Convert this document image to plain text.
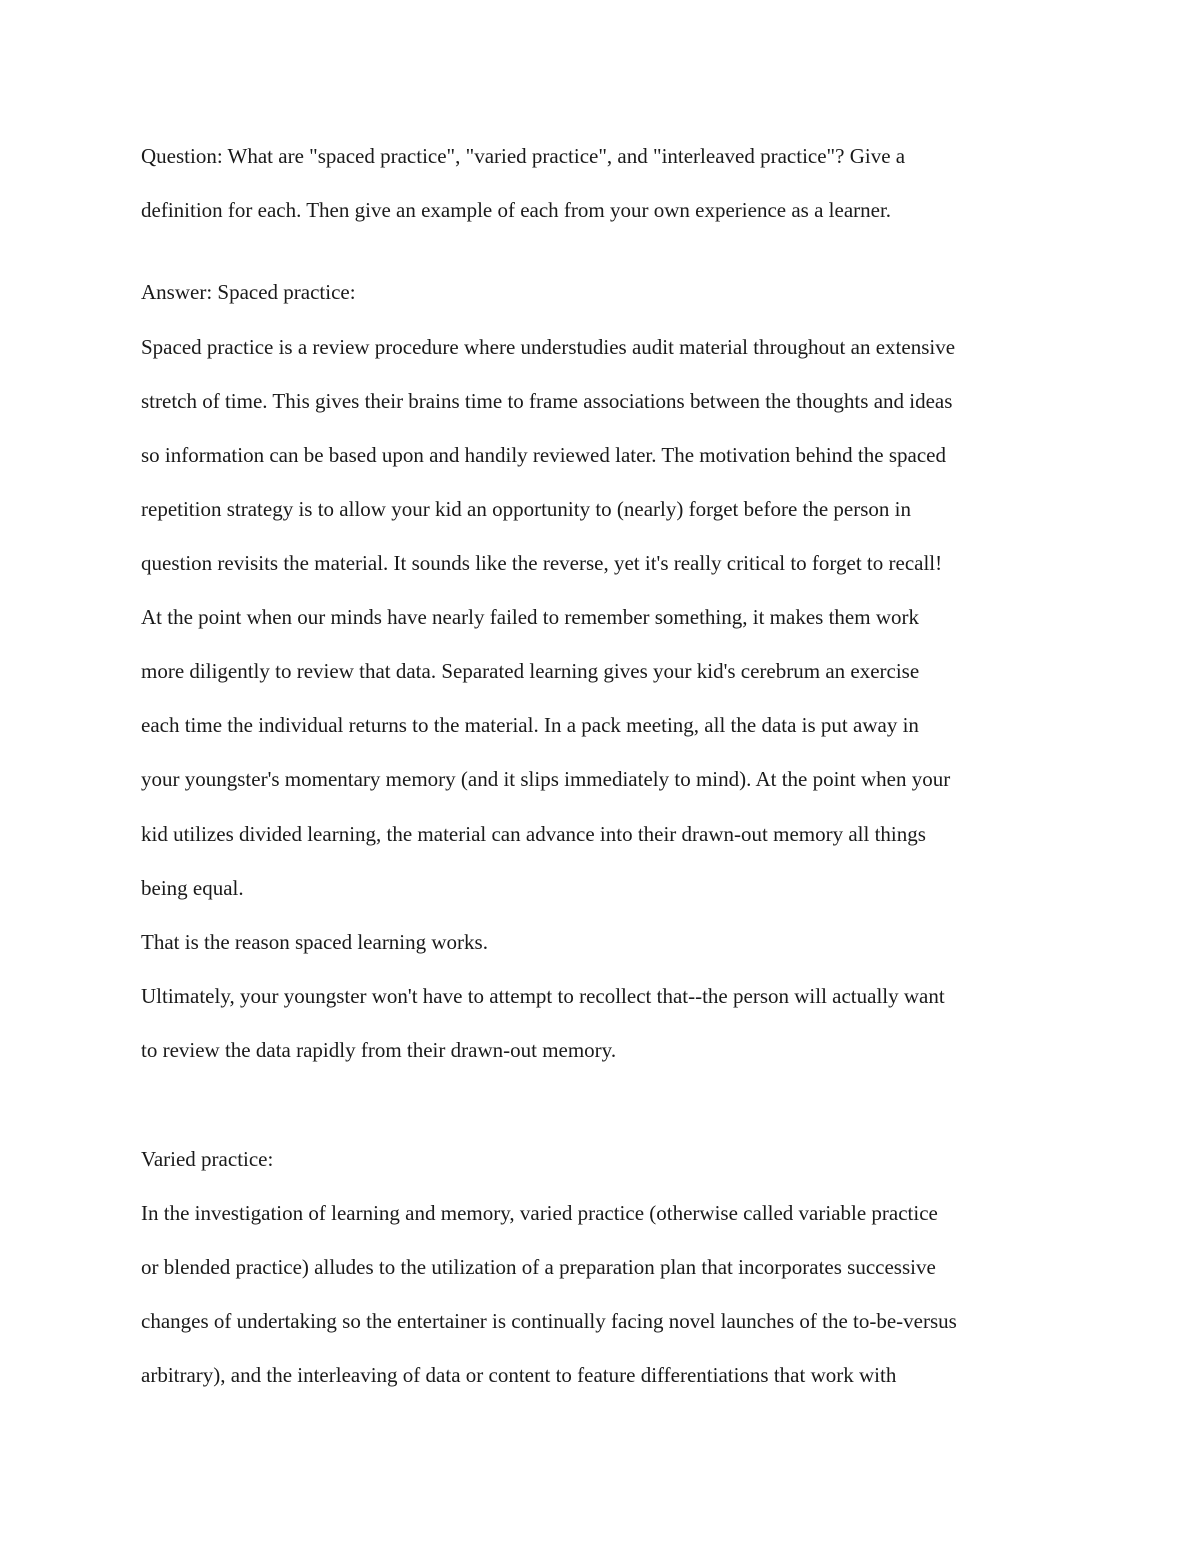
Question: What are "spaced practice", "varied practice", and "interleaved practice"? Give a

definition for each. Then give an example of each from your own experience as a learner.

Answer: Spaced practice:

Spaced practice is a review procedure where understudies audit material throughout an extensive

stretch of time. This gives their brains time to frame associations between the thoughts and ideas

so information can be based upon and handily reviewed later. The motivation behind the spaced

repetition strategy is to allow your kid an opportunity to (nearly) forget before the person in

question revisits the material. It sounds like the reverse, yet it's really critical to forget to recall!

At the point when our minds have nearly failed to remember something, it makes them work

more diligently to review that data. Separated learning gives your kid's cerebrum an exercise

each time the individual returns to the material. In a pack meeting, all the data is put away in

your youngster's momentary memory (and it slips immediately to mind). At the point when your

kid utilizes divided learning, the material can advance into their drawn-out memory all things

being equal.

That is the reason spaced learning works.

Ultimately, your youngster won't have to attempt to recollect that--the person will actually want

to review the data rapidly from their drawn-out memory.

Varied practice:

In the investigation of learning and memory, varied practice (otherwise called variable practice

or blended practice) alludes to the utilization of a preparation plan that incorporates successive

changes of undertaking so the entertainer is continually facing novel launches of the to-be-versus

arbitrary), and the interleaving of data or content to feature differentiations that work with
